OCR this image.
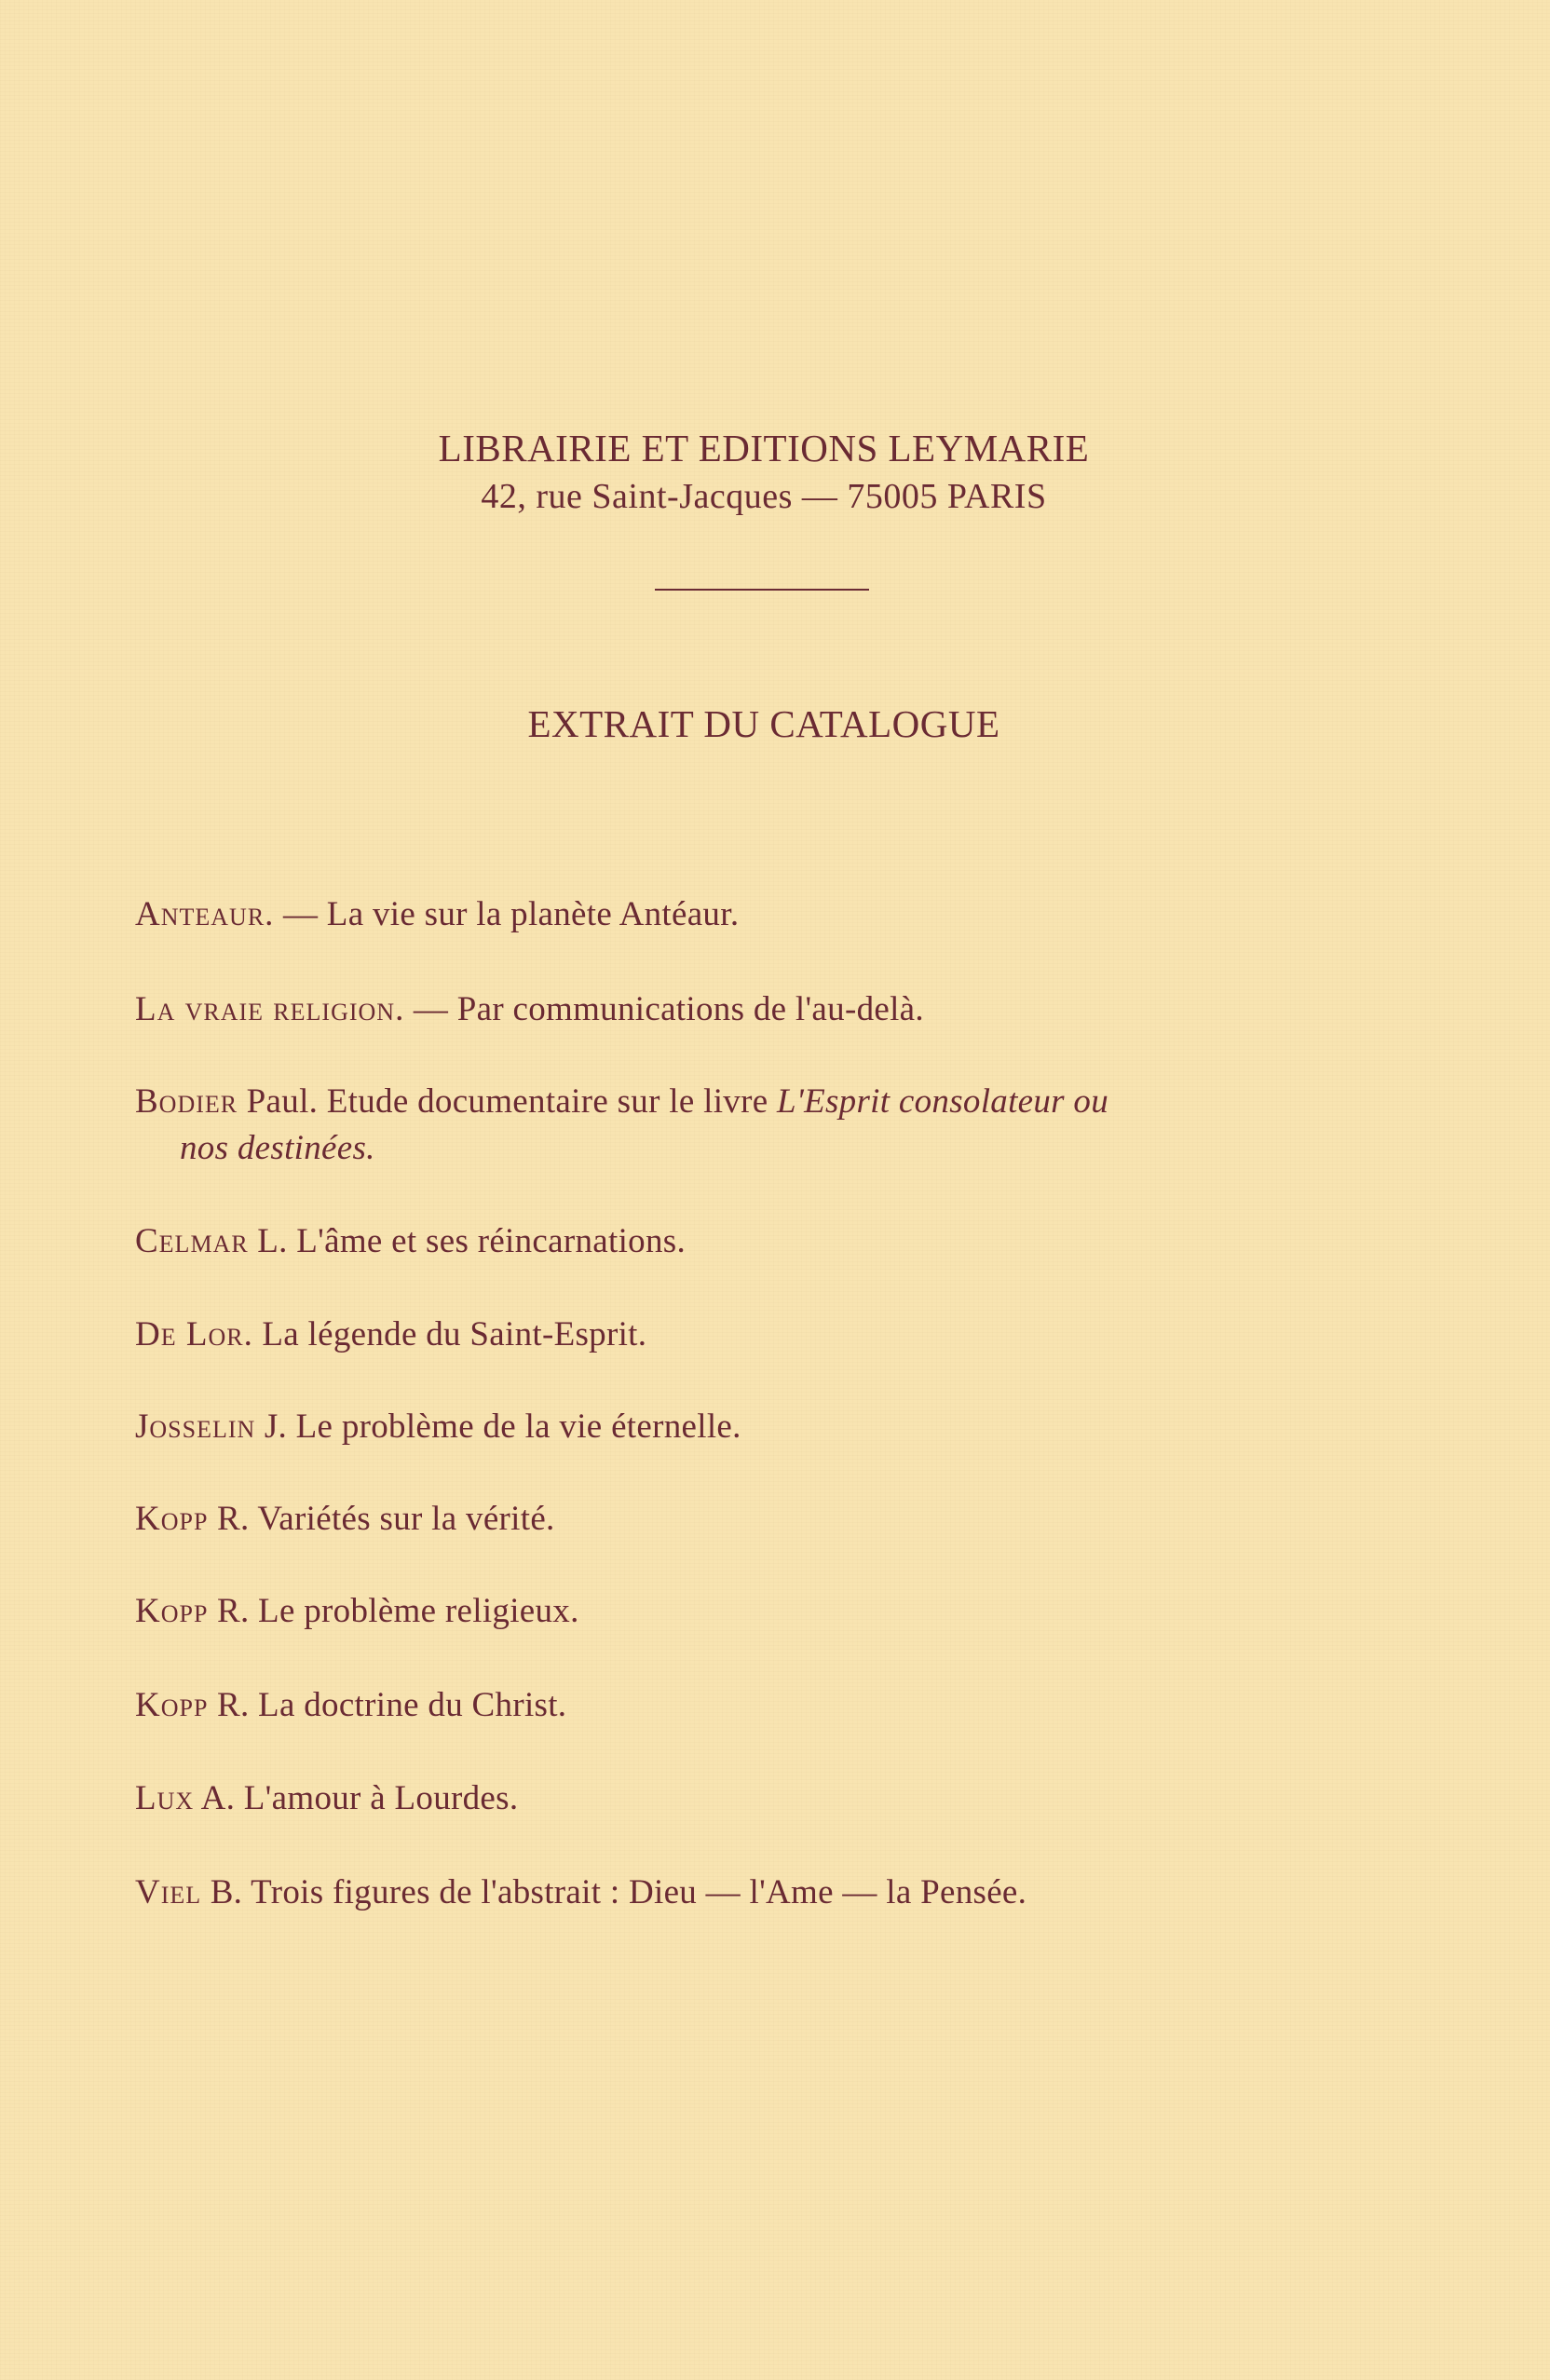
LIBRAIRIE ET EDITIONS LEYMARIE
42, rue Saint-Jacques — 75005 PARIS
EXTRAIT DU CATALOGUE
Anteaur. — La vie sur la planète Antéaur.
La vraie religion. — Par communications de l'au-delà.
Bodier Paul. Etude documentaire sur le livre L'Esprit consolateur ou
nos destinées.
Celmar L. L'âme et ses réincarnations.
De Lor. La légende du Saint-Esprit.
Josselin J. Le problème de la vie éternelle.
Kopp R. Variétés sur la vérité.
Kopp R. Le problème religieux.
Kopp R. La doctrine du Christ.
Lux A. L'amour à Lourdes.
Viel B. Trois figures de l'abstrait : Dieu — l'Ame — la Pensée.
